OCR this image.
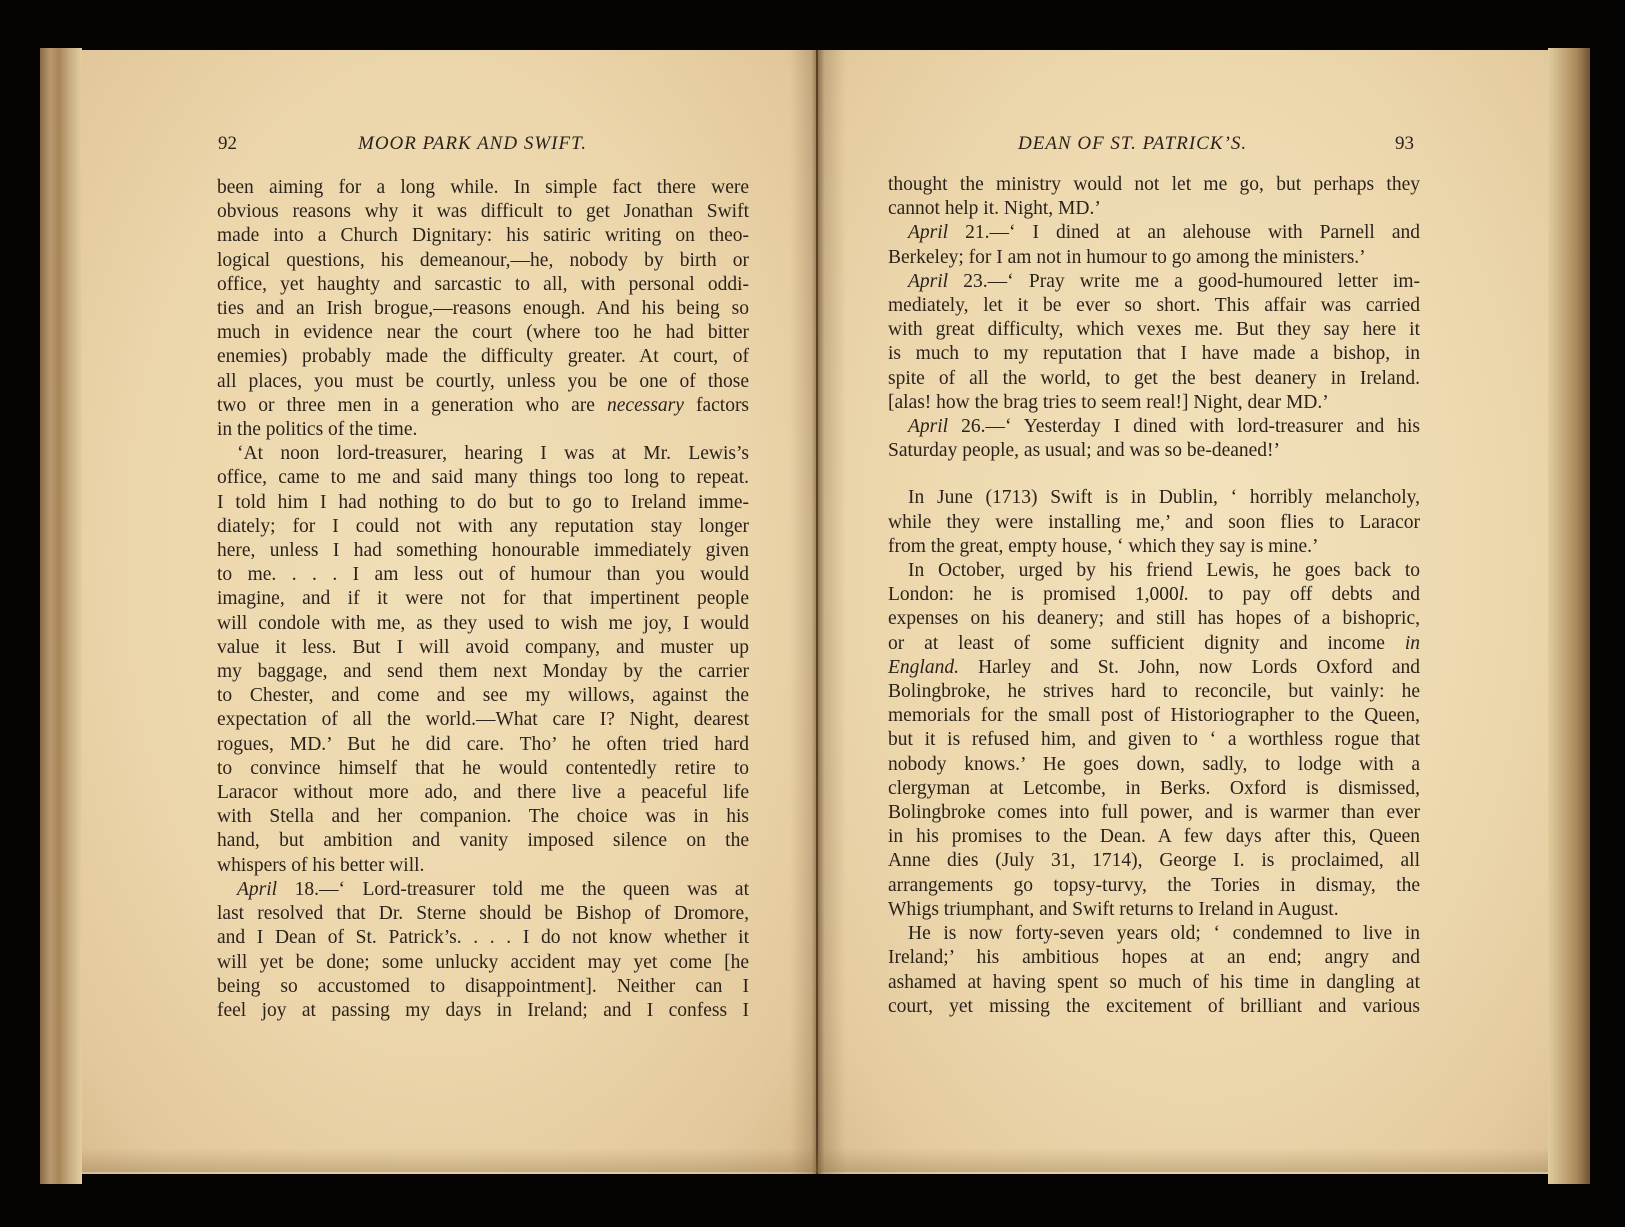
92	MOOR PARK AND SWIFT.	DEAN OF ST. PATRICK’S.	93

been aiming for a long while. In simple fact there were

obvious reasons why it was difficult to get Jonathan Swift

made into a Church Dignitary: his satiric writing on theo-

logical questions, his demeanour,—he, nobody by birth or

office, yet haughty and sarcastic to all, with personal oddi-

ties and an Irish brogue,—reasons enough. And his being so

much in evidence near the court (where too he had bitter

enemies) probably made the difficulty greater. At court, of

all places, you must be courtly, unless you be one of those

two or three men in a generation who are necessary factors

in the politics of the time.

‘At noon lord-treasurer, hearing I was at Mr. Lewis’s

office, came to me and said many things too long to repeat.

I told him I had nothing to do but to go to Ireland imme-

diately; for I could not with any reputation stay longer

here, unless I had something honourable immediately given

to me. . . . I am less out of humour than you would

imagine, and if it were not for that impertinent people

will condole with me, as they used to wish me joy, I would

value it less. But I will avoid company, and muster up

my baggage, and send them next Monday by the carrier

to Chester, and come and see my willows, against the

expectation of all the world.—What care I? Night, dearest

rogues, MD.’ But he did care. Tho’ he often tried hard

to convince himself that he would contentedly retire to

Laracor without more ado, and there live a peaceful life

with Stella and her companion. The choice was in his

hand, but ambition and vanity imposed silence on the

whispers of his better will.

April 18.—‘ Lord-treasurer told me the queen was at

last resolved that Dr. Sterne should be Bishop of Dromore,

and I Dean of St. Patrick’s. . . . I do not know whether it

will yet be done; some unlucky accident may yet come [he

being so accustomed to disappointment]. Neither can I

feel joy at passing my days in Ireland; and I confess I

thought the ministry would not let me go, but perhaps they

cannot help it. Night, MD.’

April 21.—‘ I dined at an alehouse with Parnell and

Berkeley; for I am not in humour to go among the ministers.’

April 23.—‘ Pray write me a good-humoured letter im-

mediately, let it be ever so short. This affair was carried

with great difficulty, which vexes me. But they say here it

is much to my reputation that I have made a bishop, in

spite of all the world, to get the best deanery in Ireland.

[alas! how the brag tries to seem real!] Night, dear MD.’

April 26.—‘ Yesterday I dined with lord-treasurer and his

Saturday people, as usual; and was so be-deaned!’

In June (1713) Swift is in Dublin, ‘ horribly melancholy,

while they were installing me,’ and soon flies to Laracor

from the great, empty house, ‘ which they say is mine.’

In October, urged by his friend Lewis, he goes back to

London: he is promised 1,000l. to pay off debts and

expenses on his deanery; and still has hopes of a bishopric,

or at least of some sufficient dignity and income in

England. Harley and St. John, now Lords Oxford and

Bolingbroke, he strives hard to reconcile, but vainly: he

memorials for the small post of Historiographer to the Queen,

but it is refused him, and given to ‘ a worthless rogue that

nobody knows.’ He goes down, sadly, to lodge with a

clergyman at Letcombe, in Berks. Oxford is dismissed,

Bolingbroke comes into full power, and is warmer than ever

in his promises to the Dean. A few days after this, Queen

Anne dies (July 31, 1714), George I. is proclaimed, all

arrangements go topsy-turvy, the Tories in dismay, the

Whigs triumphant, and Swift returns to Ireland in August.

He is now forty-seven years old; ‘ condemned to live in

Ireland;’ his ambitious hopes at an end; angry and

ashamed at having spent so much of his time in dangling at

court, yet missing the excitement of brilliant and various
